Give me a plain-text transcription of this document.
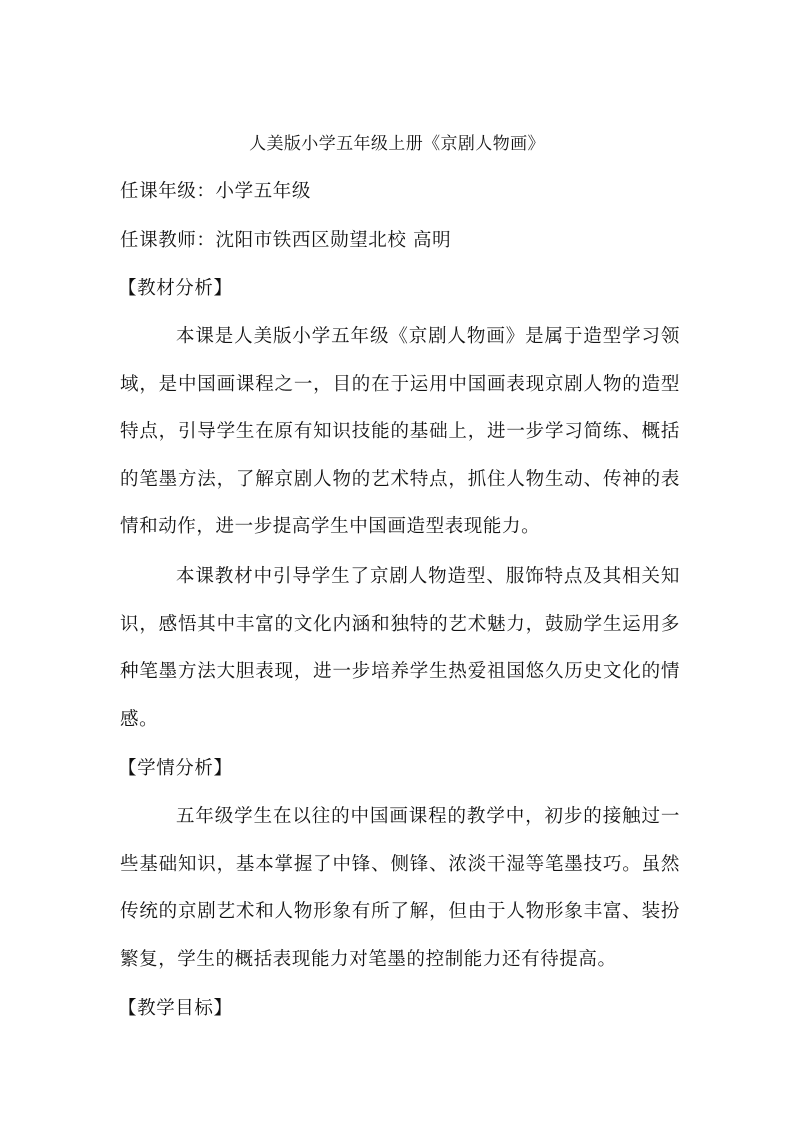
人美版小学五年级上册《京剧人物画》
任课年级：小学五年级
任课教师：沈阳市铁西区勋望北校 高明
【教材分析】

本课是人美版小学五年级《京剧人物画》是属于造型学习领域，是中国画课程之一，目的在于运用中国画表现京剧人物的造型特点，引导学生在原有知识技能的基础上，进一步学习简练、概括的笔墨方法，了解京剧人物的艺术特点，抓住人物生动、传神的表情和动作，进一步提高学生中国画造型表现能力。

本课教材中引导学生了京剧人物造型、服饰特点及其相关知识，感悟其中丰富的文化内涵和独特的艺术魅力，鼓励学生运用多种笔墨方法大胆表现，进一步培养学生热爱祖国悠久历史文化的情感。

【学情分析】

五年级学生在以往的中国画课程的教学中，初步的接触过一些基础知识，基本掌握了中锋、侧锋、浓淡干湿等笔墨技巧。虽然传统的京剧艺术和人物形象有所了解，但由于人物形象丰富、装扮繁复，学生的概括表现能力对笔墨的控制能力还有待提高。

【教学目标】
